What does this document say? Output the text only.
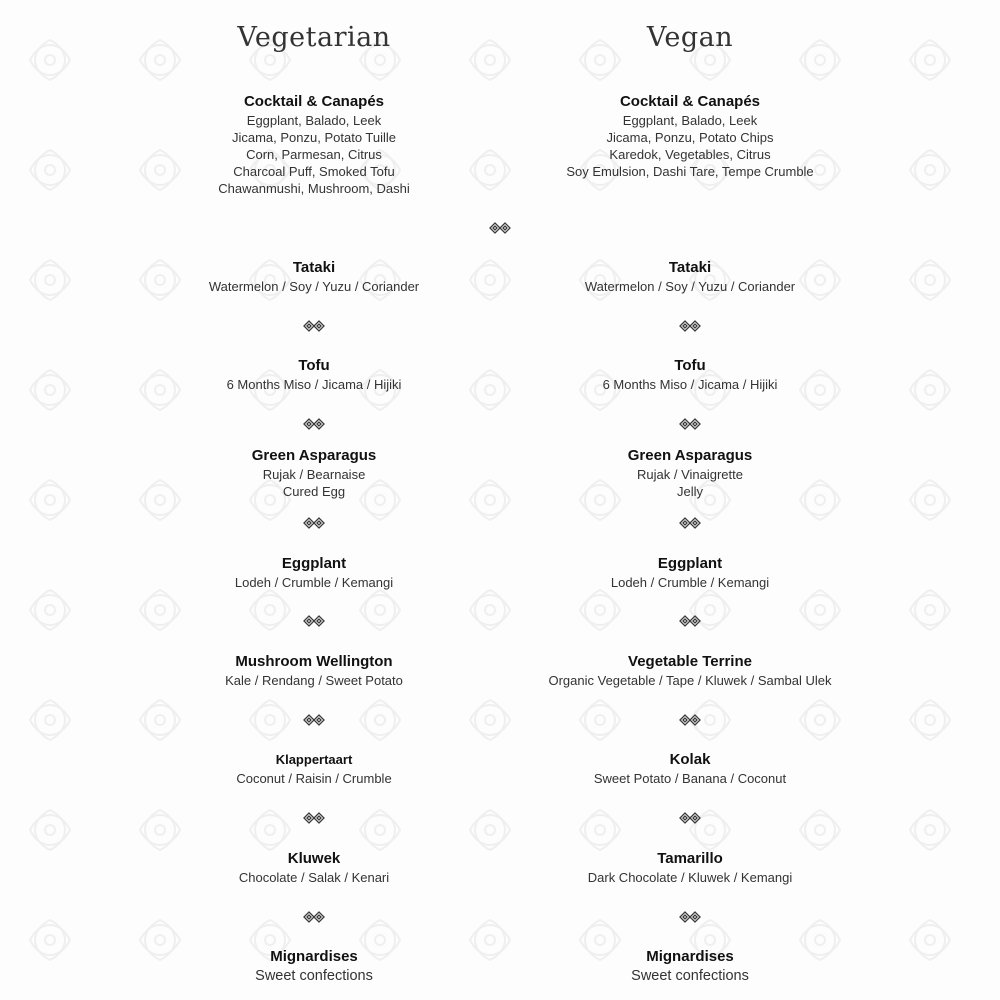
Vegetarian
Cocktail & Canapés
Eggplant, Balado, Leek
Jicama, Ponzu, Potato Tuille
Corn, Parmesan, Citrus
Charcoal Puff, Smoked Tofu
Chawanmushi, Mushroom, Dashi
Tataki
Watermelon / Soy / Yuzu / Coriander
Tofu
6 Months Miso / Jicama / Hijiki
Green Asparagus
Rujak / Bearnaise
Cured Egg
Eggplant
Lodeh / Crumble / Kemangi
Mushroom Wellington
Kale / Rendang / Sweet Potato
Klappertaart
Coconut / Raisin / Crumble
Kluwek
Chocolate / Salak / Kenari
Mignardises
Sweet confections
Vegan
Cocktail & Canapés
Eggplant, Balado, Leek
Jicama, Ponzu, Potato Chips
Karedok, Vegetables, Citrus
Soy Emulsion, Dashi Tare, Tempe Crumble
Tataki
Watermelon / Soy / Yuzu / Coriander
Tofu
6 Months Miso / Jicama / Hijiki
Green Asparagus
Rujak / Vinaigrette
Jelly
Eggplant
Lodeh / Crumble / Kemangi
Vegetable Terrine
Organic Vegetable / Tape / Kluwek / Sambal Ulek
Kolak
Sweet Potato / Banana / Coconut
Tamarillo
Dark Chocolate / Kluwek / Kemangi
Mignardises
Sweet confections
